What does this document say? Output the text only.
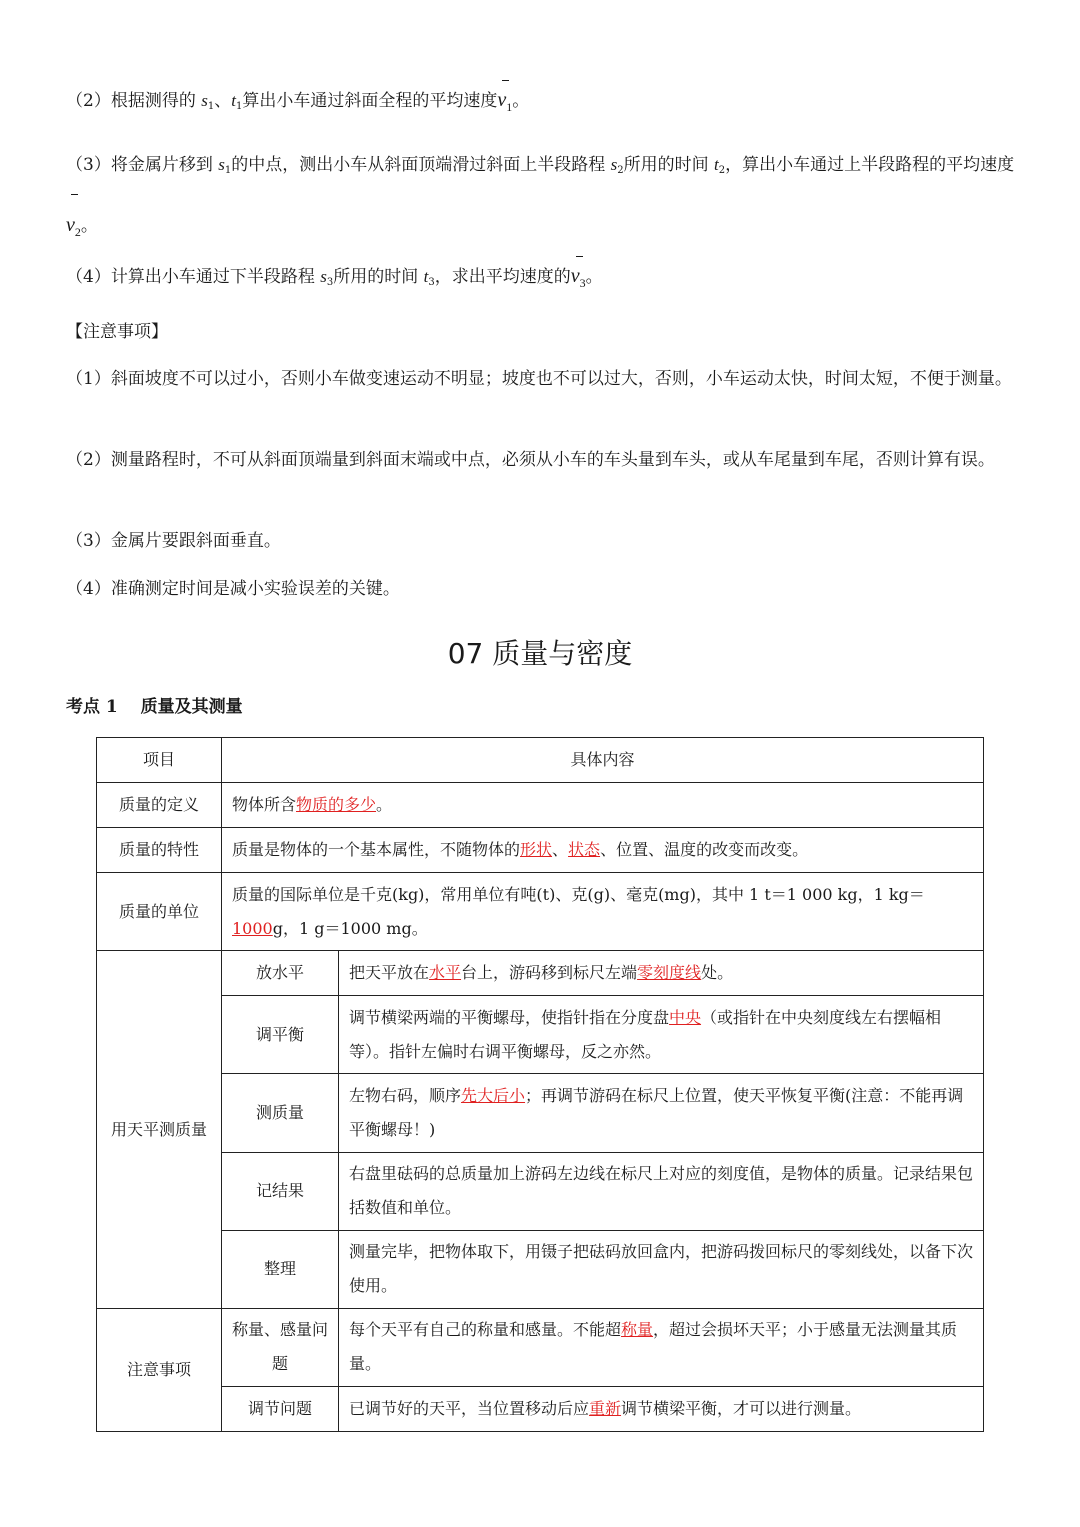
（2）根据测得的 $s_1$、$t_1$算出小车通过斜面全程的平均速度$v_1$。

（3）将金属片移到 $s_1$的中点，测出小车从斜面顶端滑过斜面上半段路程 $s_2$所用的时间 $t_2$，算出小车通过上半段路程的平均速度$v_2$。

（4）计算出小车通过下半段路程 $s_3$所用的时间 $t_3$，求出平均速度的$v_3$。

【注意事项】

（1）斜面坡度不可以过小，否则小车做变速运动不明显；坡度也不可以过大，否则，小车运动太快，时间太短，不便于测量。

（2）测量路程时，不可从斜面顶端量到斜面末端或中点，必须从小车的车头量到车头，或从车尾量到车尾，否则计算有误。

（3）金属片要跟斜面垂直。

（4）准确测定时间是减小实验误差的关键。

07 质量与密度
考点 1　 质量及其测量
项目	具体内容	
质量的定义	物体所含物质的多少。	
质量的特性	质量是物体的一个基本属性，不随物体的形状、状态、位置、温度的改变而改变。	
质量的单位	质量的国际单位是千克(kg)，常用单位有吨(t)、克(g)、毫克(mg)，其中 1 t＝1 000 kg，1 kg＝1000g，1 g＝1000 mg。	
用天平测质量	放水平	把天平放在水平台上，游码移到标尺左端零刻度线处。
	调平衡	调节横梁两端的平衡螺母，使指针指在分度盘中央（或指针在中央刻度线左右摆幅相等）。指针左偏时右调平衡螺母，反之亦然。
	测质量	左物右码，顺序先大后小；再调节游码在标尺上位置，使天平恢复平衡(注意：不能再调平衡螺母！)
	记结果	右盘里砝码的总质量加上游码左边线在标尺上对应的刻度值，是物体的质量。记录结果包括数值和单位。
	整理	测量完毕，把物体取下，用镊子把砝码放回盒内，把游码拨回标尺的零刻线处，以备下次使用。
注意事项	称量、感量问题	每个天平有自己的称量和感量。不能超称量，超过会损坏天平；小于感量无法测量其质量。
	调节问题	已调节好的天平，当位置移动后应重新调节横梁平衡，才可以进行测量。
